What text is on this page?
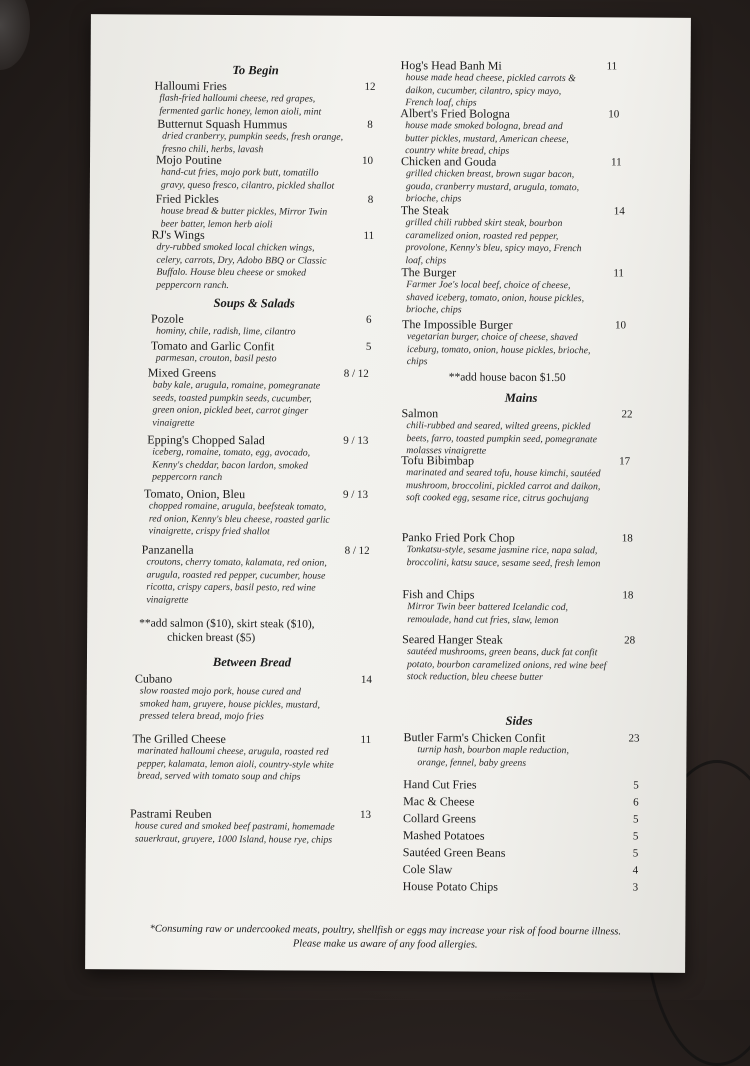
To Begin
Halloumi Fries	12
flash-fried halloumi cheese, red grapes, fermented garlic honey, lemon aioli, mint
Butternut Squash Hummus	8
dried cranberry, pumpkin seeds, fresh orange, fresno chili, herbs, lavash
Mojo Poutine	10
hand-cut fries, mojo pork butt, tomatillo gravy, queso fresco, cilantro, pickled shallot
Fried Pickles	8
house bread & butter pickles, Mirror Twin beer batter, lemon herb aioli
RJ's Wings	11
dry-rubbed smoked local chicken wings, celery, carrots, Dry, Adobo BBQ or Classic Buffalo. House bleu cheese or smoked peppercorn ranch.
Soups & Salads
Pozole	6
hominy, chile, radish, lime, cilantro
Tomato and Garlic Confit	5
parmesan, crouton, basil pesto
Mixed Greens	8 / 12
baby kale, arugula, romaine, pomegranate seeds, toasted pumpkin seeds, cucumber, green onion, pickled beet, carrot ginger vinaigrette
Epping's Chopped Salad	9 / 13
iceberg, romaine, tomato, egg, avocado, Kenny's cheddar, bacon lardon, smoked peppercorn ranch
Tomato, Onion, Bleu	9 / 13
chopped romaine, arugula, beefsteak tomato, red onion, Kenny's bleu cheese, roasted garlic vinaigrette, crispy fried shallot
Panzanella	8 / 12
croutons, cherry tomato, kalamata, red onion, arugula, roasted red pepper, cucumber, house ricotta, crispy capers, basil pesto, red wine vinaigrette
**add salmon ($10), skirt steak ($10),
chicken breast ($5)
Between Bread
Cubano	14
slow roasted mojo pork, house cured and smoked ham, gruyere, house pickles, mustard, pressed telera bread, mojo fries
The Grilled Cheese	11
marinated halloumi cheese, arugula, roasted red pepper, kalamata, lemon aioli, country-style white bread, served with tomato soup and chips
Pastrami Reuben	13
house cured and smoked beef pastrami, homemade sauerkraut, gruyere, 1000 Island, house rye, chips
Hog's Head Banh Mi	11
house made head cheese, pickled carrots & daikon, cucumber, cilantro, spicy mayo, French loaf, chips
Albert's Fried Bologna	10
house made smoked bologna, bread and butter pickles, mustard, American cheese, country white bread, chips
Chicken and Gouda	11
grilled chicken breast, brown sugar bacon, gouda, cranberry mustard, arugula, tomato, brioche, chips
The Steak	14
grilled chili rubbed skirt steak, bourbon caramelized onion, roasted red pepper, provolone, Kenny's bleu, spicy mayo, French loaf, chips
The Burger	11
Farmer Joe's local beef, choice of cheese, shaved iceberg, tomato, onion, house pickles, brioche, chips
The Impossible Burger	10
vegetarian burger, choice of cheese, shaved iceburg, tomato, onion, house pickles, brioche, chips
**add house bacon $1.50
Mains
Salmon	22
chili-rubbed and seared, wilted greens, pickled beets, farro, toasted pumpkin seed, pomegranate molasses vinaigrette
Tofu Bibimbap	17
marinated and seared tofu, house kimchi, sautéed mushroom, broccolini, pickled carrot and daikon, soft cooked egg, sesame rice, citrus gochujang
Panko Fried Pork Chop	18
Tonkatsu-style, sesame jasmine rice, napa salad, broccolini, katsu sauce, sesame seed, fresh lemon
Fish and Chips	18
Mirror Twin beer battered Icelandic cod, remoulade, hand cut fries, slaw, lemon
Seared Hanger Steak	28
sautéed mushrooms, green beans, duck fat confit potato, bourbon caramelized onions, red wine beef stock reduction, bleu cheese butter
Sides
Butler Farm's Chicken Confit	23
turnip hash, bourbon maple reduction, orange, fennel, baby greens
Hand Cut Fries	5
Mac & Cheese	6
Collard Greens	5
Mashed Potatoes	5
Sautéed Green Beans	5
Cole Slaw	4
House Potato Chips	3
*Consuming raw or undercooked meats, poultry, shellfish or eggs may increase your risk of food bourne illness.
Please make us aware of any food allergies.
